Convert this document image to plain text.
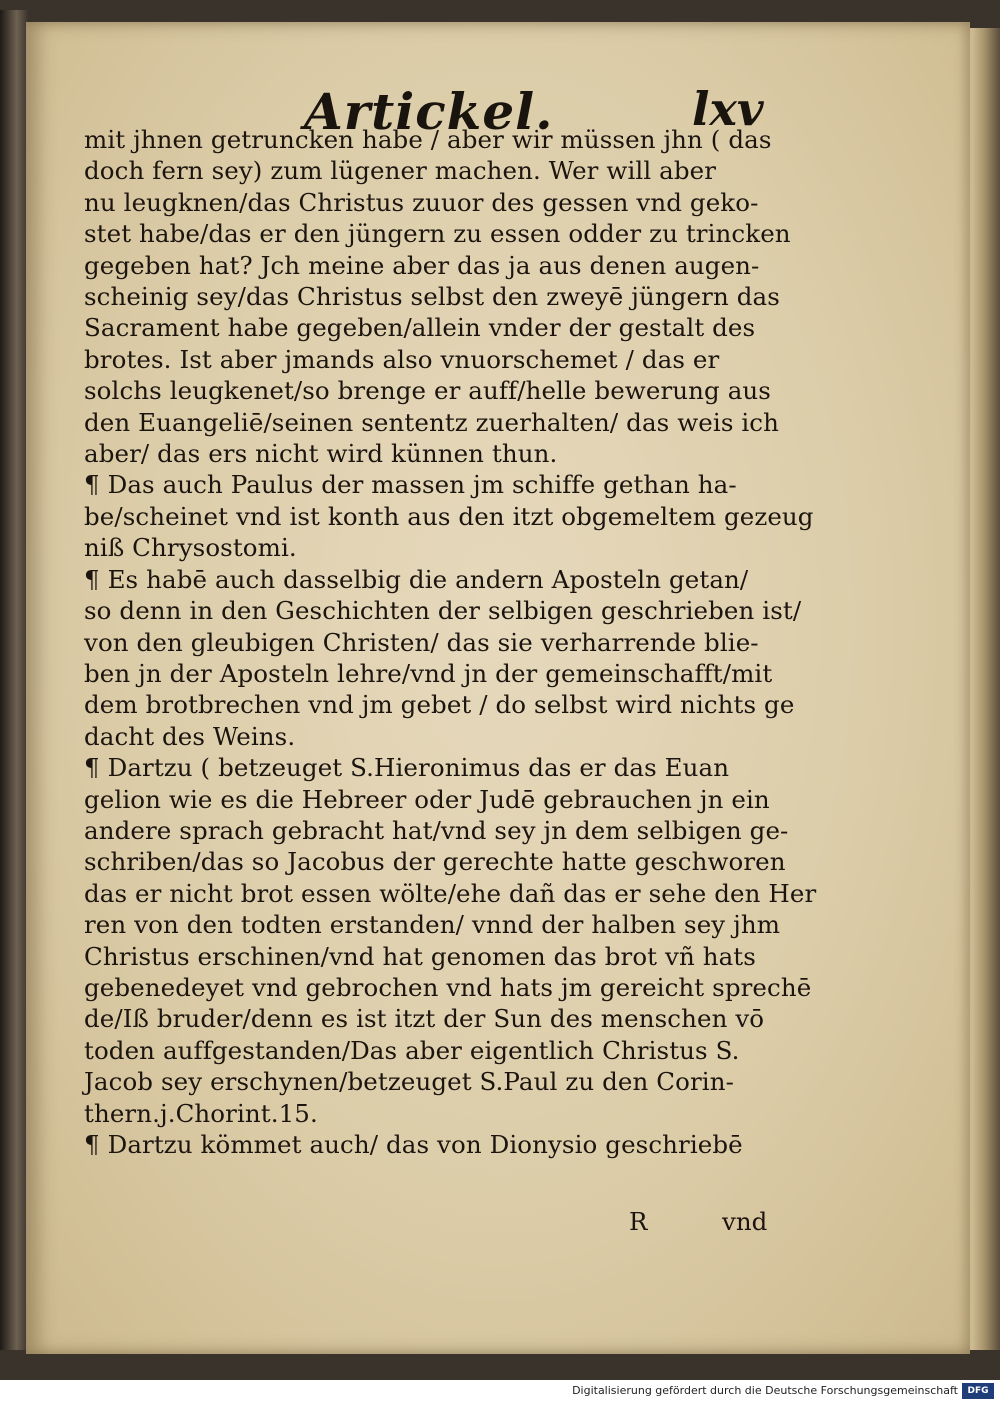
Artickel.	lxv
mit jhnen getruncken habe / aber wir müssen jhn ( das
doch fern sey) zum lügener machen. Wer will aber
nu leugknen/das Christus zuuor des gessen vnd geko-
stet habe/das er den jüngern zu essen odder zu trincken
gegeben hat? Jch meine aber das ja aus denen augen-
scheinig sey/das Christus selbst den zweyē jüngern das
Sacrament habe gegeben/allein vnder der gestalt des
brotes. Ist aber jmands also vnuorschemet / das er
solchs leugkenet/so brenge er auff/helle bewerung aus
den Euangeliē/seinen sententz zuerhalten/ das weis ich
aber/ das ers nicht wird künnen thun.
¶ Das auch Paulus der massen jm schiffe gethan ha-
be/scheinet vnd ist konth aus den itzt obgemeltem gezeug
niß Chrysostomi.
¶ Es habē auch dasselbig die andern Aposteln getan/
so denn in den Geschichten der selbigen geschrieben ist/
von den gleubigen Christen/ das sie verharrende blie-
ben jn der Aposteln lehre/vnd jn der gemeinschafft/mit
dem brotbrechen vnd jm gebet / do selbst wird nichts ge
dacht des Weins.
¶ Dartzu ( betzeuget S.Hieronimus das er das Euan
gelion wie es die Hebreer oder Judē gebrauchen jn ein
andere sprach gebracht hat/vnd sey jn dem selbigen ge-
schriben/das so Jacobus der gerechte hatte geschworen
das er nicht brot essen wölte/ehe dañ das er sehe den Her
ren von den todten erstanden/ vnnd der halben sey jhm
Christus erschinen/vnd hat genomen das brot vñ hats
gebenedeyet vnd gebrochen vnd hats jm gereicht sprechē
de/Iß bruder/denn es ist itzt der Sun des menschen vō
toden auffgestanden/Das aber eigentlich Christus S.
Jacob sey erschynen/betzeuget S.Paul zu den Corin-
thern.j.Chorint.15.
¶ Dartzu kömmet auch/ das von Dionysio geschriebē
R	vnd
Digitalisierung gefördert durch die Deutsche Forschungsgemeinschaft	DFG
